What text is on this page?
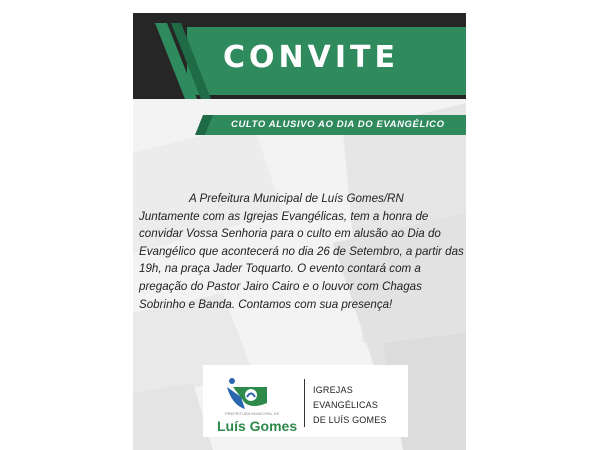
CONVITE
CULTO ALUSIVO AO DIA DO EVANGÉLICO
A Prefeitura Municipal de Luís Gomes/RN Juntamente com as Igrejas Evangélicas, tem a honra de convidar Vossa Senhoria para o culto em alusão ao Dia do Evangélico que acontecerá no dia 26 de Setembro, a partir das 19h, na praça Jader Toquarto. O evento contará com a pregação do Pastor Jairo Cairo e o louvor com Chagas Sobrinho e Banda. Contamos com sua presença!
PREFEITURA MUNICIPAL DE
Luís Gomes
IGREJAS EVANGÉLICAS
DE LUÍS GOMES
